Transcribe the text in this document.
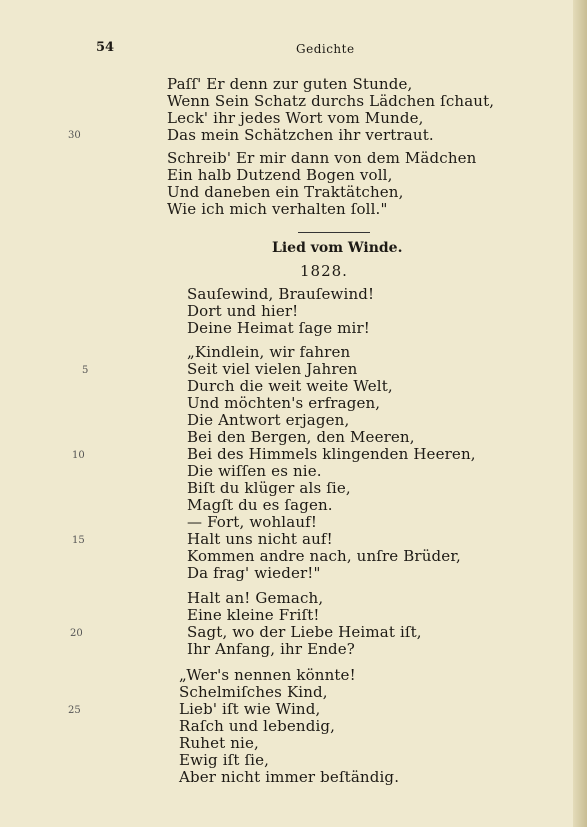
54	Gedichte
Paſſ' Er denn zur guten Stunde,
Wenn Sein Schatz durchs Lädchen ſchaut,
Leck' ihr jedes Wort vom Munde,
Das mein Schätzchen ihr vertraut.
30
Schreib' Er mir dann von dem Mädchen
Ein halb Dutzend Bogen voll,
Und daneben ein Traktätchen,
Wie ich mich verhalten ſoll."
Lied vom Winde.
1828.
Sauſewind, Brauſewind!
Dort und hier!
Deine Heimat ſage mir!
„Kindlein, wir fahren
Seit viel vielen Jahren
5
Durch die weit weite Welt,
Und möchten's erfragen,
Die Antwort erjagen,
Bei den Bergen, den Meeren,
Bei des Himmels klingenden Heeren,
10
Die wiſſen es nie.
Biſt du klüger als ſie,
Magſt du es ſagen.
— Fort, wohlauf!
Halt uns nicht auf!
15
Kommen andre nach, unſre Brüder,
Da frag' wieder!"
Halt an! Gemach,
Eine kleine Friſt!
Sagt, wo der Liebe Heimat iſt,
20
Ihr Anfang, ihr Ende?
„Wer's nennen könnte!
Schelmiſches Kind,
Lieb' iſt wie Wind,
25
Raſch und lebendig,
Ruhet nie,
Ewig iſt ſie,
Aber nicht immer beſtändig.
